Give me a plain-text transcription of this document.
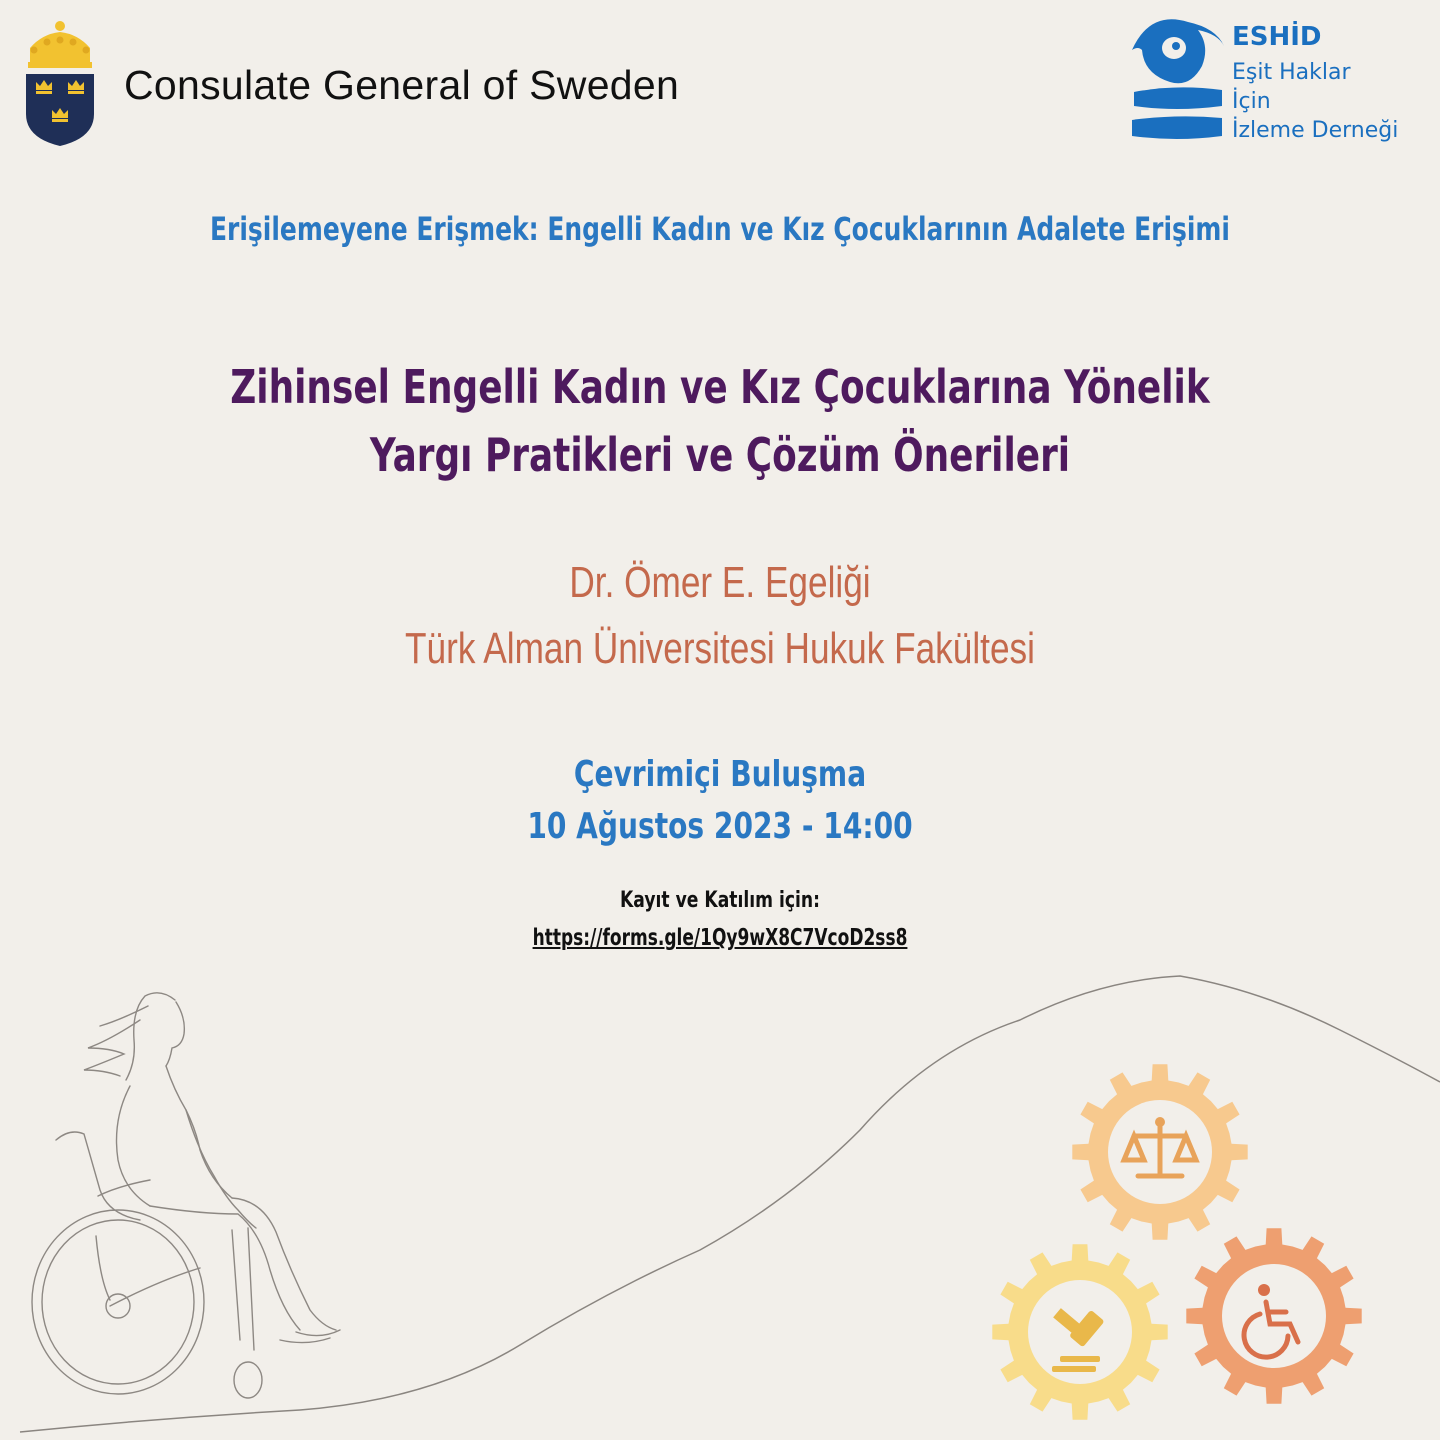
Consulate General of Sweden
ESHİD
Eşit Haklar
İçin
İzleme Derneği
Erişilemeyene Erişmek: Engelli Kadın ve Kız Çocuklarının Adalete Erişimi
Zihinsel Engelli Kadın ve Kız Çocuklarına Yönelik
Yargı Pratikleri ve Çözüm Önerileri
Dr. Ömer E. Egeliği
Türk Alman Üniversitesi Hukuk Fakültesi
Çevrimiçi Buluşma
10 Ağustos 2023 - 14:00
Kayıt ve Katılım için:
https://forms.gle/1Qy9wX8C7VcoD2ss8
